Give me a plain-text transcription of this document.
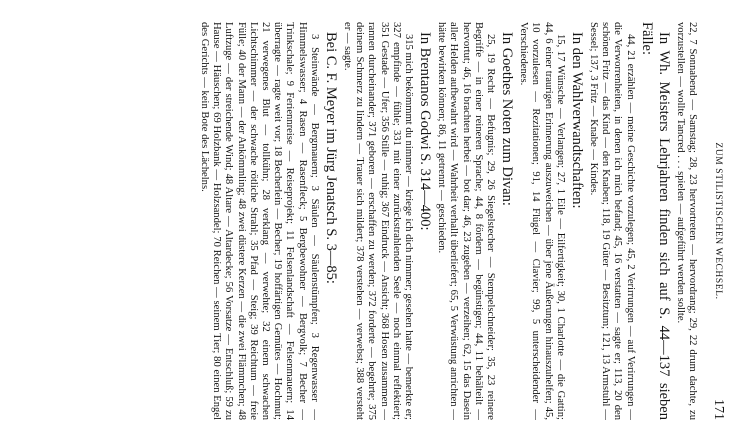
ZUM STILISTISCHEN WECHSEL.
171

22, 7 Sonnabend — Samstag; 28, 23 hervortreten — hervordrang; 29, 22 drum dachte, zu vorzustellen — wollte Tancred . . . spielen — aufgeführt werden sollte.

In Wh. Meisters Lehrjahren finden sich auf S. 44—137 sieben Fälle:

44, 21 erzählen — meine Geschichte vorzulegen; 45, 2 Verirrungen — auf Verirrungen — die Verworrenheiten, in denen ich mich befand; 45, 16 verstatten — sagte er; 113, 20 den schönen Fritz — das Kind — den Knaben; 118, 19 Güter — Besitztum; 121, 13 Armstuhl — Sessel; 137, 3 Fritz — Knabe — Kindes.

In den Wahlverwandtschaften:

15, 17 Wünsche — Verlangen; 27, 1 Eile — Eilfertigkeit; 30, 1 Charlotte — die Gattin; 44, 6 einer traurigen Erinnerung auszuweichen — über jene Äußerungen hinauszuhelfen; 45, 10 vorzulesen — Rezitationen; 91, 14 Flügel — Clavier; 99, 5 unterscheidender — Verschiedenes.

In Goethes Noten zum Divan:

25, 19 Recht — Befugnis; 29, 26 Siegelstecher — Stempelschneider; 35, 23 reinere Begriffe — in einer reineren Sprache; 44, 8 fördern — begünstigen; 44, 11 behälteilt — hervortut; 46, 16 brachten herbei — bot dar; 46, 23 zugeben — verzeihen; 62, 15 das Dasein aller Helden aufbewahrt wird — Wahrheit verhallt überliefert; 65, 5 Verwüstung anrichten — hätte bewirken können; 86, 11 getrennt — geschieden.

In Brentanos Godwi S. 314—400:

315 mich bekömmmt du nimmer — kriege ich dich nimmer; gesehen hatte — bemerkte er; 327 empfinde — fühle; 331 mit einer zurückstrahlenden Seele — noch einmal reflektiert; 351 Gestade — Ufer; 356 Stille — ruhig; 367 Eindruck — Ansicht; 368 Hosen zusammen — rannen durcheinander; 371 geboren — erschaffen zu werden; 372 forderte — begehrte; 375 deinem Schmerz zu lindern — Trauer sich mildert; 378 verstehen — verwebst; 388 versteht er — sagte.

Bei C. F. Meyer im Jürg Jenatsch S. 3—85:

3 Steinwände — Bergmauern; 3 Säulen — Säulenstümpfen; 3 Regenwasser — Himmelswasser; 4 Rasen — Rasenfleck; 5 Bergbewohner — Bergvolk; 7 Becher — Trinkschale; 9 Feriennreise — Reiseprojekt; 11 Felsenlandschaft — Felsenmauern; 14 überragte — ragte weit vor; 18 Becherlein — Becher; 19 hoffärtigen Gemütes — Hochmut; 21 verwegenes Blut — tollkühn; 28 verklang — verwehte; 32 einem schwachen Lichtschimmer — der schwache rötliche Strahl; 35 Pfad — Steig; 39 Reichtum — freie Fülle; 40 der Mann — der Ankömmling; 48 zwei düstere Kerzen — die zwei Flämmchen; 48 Luftzuge — der streichende Wind; 48 Altare — Altardecke; 56 Vorsatze — Entschluß; 59 zu Hause — Häuschen; 69 Holzbank — Holzsandel; 70 Reichen — seinem Tier; 80 einen Engel des Gerichts — kein Bote des Lächelns.
